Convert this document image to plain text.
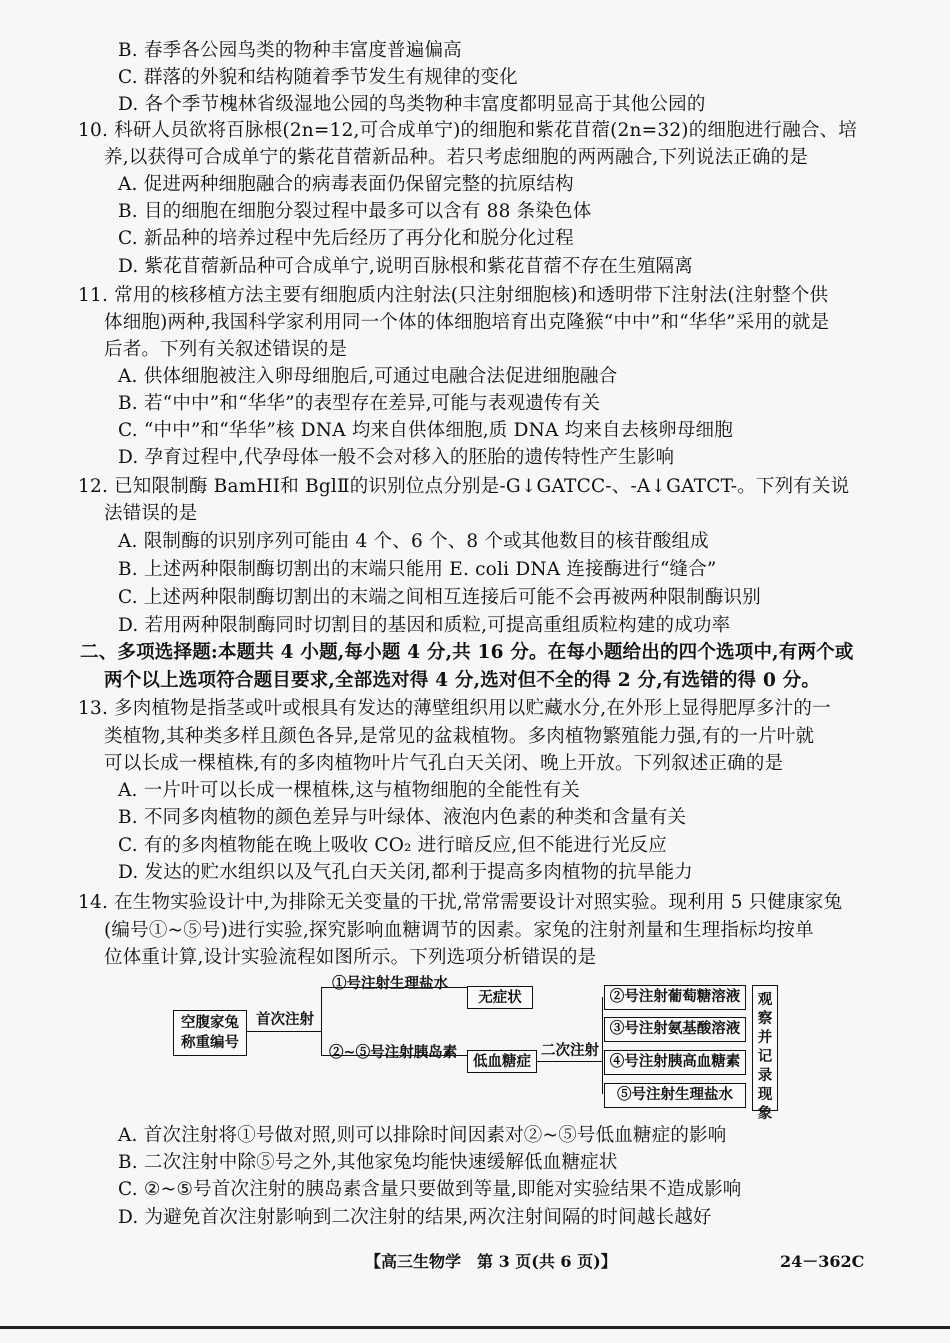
B. 春季各公园鸟类的物种丰富度普遍偏高
C. 群落的外貌和结构随着季节发生有规律的变化
D. 各个季节槐林省级湿地公园的鸟类物种丰富度都明显高于其他公园的
10. 科研人员欲将百脉根(2n=12,可合成单宁)的细胞和紫花苜蓿(2n=32)的细胞进行融合、培
养,以获得可合成单宁的紫花苜蓿新品种。若只考虑细胞的两两融合,下列说法正确的是
A. 促进两种细胞融合的病毒表面仍保留完整的抗原结构
B. 目的细胞在细胞分裂过程中最多可以含有 88 条染色体
C. 新品种的培养过程中先后经历了再分化和脱分化过程
D. 紫花苜蓿新品种可合成单宁,说明百脉根和紫花苜蓿不存在生殖隔离
11. 常用的核移植方法主要有细胞质内注射法(只注射细胞核)和透明带下注射法(注射整个供
体细胞)两种,我国科学家利用同一个体的体细胞培育出克隆猴“中中”和“华华”采用的就是
后者。下列有关叙述错误的是
A. 供体细胞被注入卵母细胞后,可通过电融合法促进细胞融合
B. 若“中中”和“华华”的表型存在差异,可能与表观遗传有关
C. “中中”和“华华”核 DNA 均来自供体细胞,质 DNA 均来自去核卵母细胞
D. 孕育过程中,代孕母体一般不会对移入的胚胎的遗传特性产生影响
12. 已知限制酶 BamHⅠ和 BglⅡ的识别位点分别是-G↓GATCC-、-A↓GATCT-。下列有关说
法错误的是
A. 限制酶的识别序列可能由 4 个、6 个、8 个或其他数目的核苷酸组成
B. 上述两种限制酶切割出的末端只能用 E. coli DNA 连接酶进行“缝合”
C. 上述两种限制酶切割出的末端之间相互连接后可能不会再被两种限制酶识别
D. 若用两种限制酶同时切割目的基因和质粒,可提高重组质粒构建的成功率
二、多项选择题:本题共 4 小题,每小题 4 分,共 16 分。在每小题给出的四个选项中,有两个或
两个以上选项符合题目要求,全部选对得 4 分,选对但不全的得 2 分,有选错的得 0 分。
13. 多肉植物是指茎或叶或根具有发达的薄壁组织用以贮藏水分,在外形上显得肥厚多汁的一
类植物,其种类多样且颜色各异,是常见的盆栽植物。多肉植物繁殖能力强,有的一片叶就
可以长成一棵植株,有的多肉植物叶片气孔白天关闭、晚上开放。下列叙述正确的是
A. 一片叶可以长成一棵植株,这与植物细胞的全能性有关
B. 不同多肉植物的颜色差异与叶绿体、液泡内色素的种类和含量有关
C. 有的多肉植物能在晚上吸收 CO₂ 进行暗反应,但不能进行光反应
D. 发达的贮水组织以及气孔白天关闭,都利于提高多肉植物的抗旱能力
14. 在生物实验设计中,为排除无关变量的干扰,常常需要设计对照实验。现利用 5 只健康家兔
(编号①~⑤号)进行实验,探究影响血糖调节的因素。家兔的注射剂量和生理指标均按单
位体重计算,设计实验流程如图所示。下列选项分析错误的是
空腹家兔称重编号
首次注射
①号注射生理盐水
②~⑤号注射胰岛素
无症状
低血糖症
二次注射
②号注射葡萄糖溶液
③号注射氨基酸溶液
④号注射胰高血糖素
⑤号注射生理盐水
观察并记录现象
A. 首次注射将①号做对照,则可以排除时间因素对②~⑤号低血糖症的影响
B. 二次注射中除⑤号之外,其他家兔均能快速缓解低血糖症状
C. ②~⑤号首次注射的胰岛素含量只要做到等量,即能对实验结果不造成影响
D. 为避免首次注射影响到二次注射的结果,两次注射间隔的时间越长越好
【高三生物学　第 3 页(共 6 页)】	24－362C
